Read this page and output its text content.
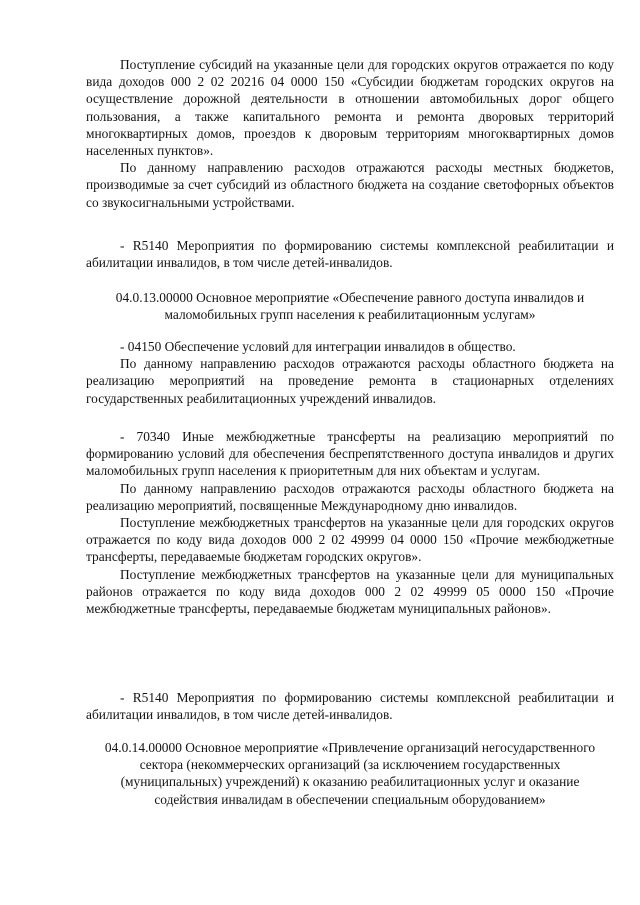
Поступление субсидий на указанные цели для городских округов отражается по коду вида доходов 000 2 02 20216 04 0000 150 «Субсидии бюджетам городских округов на осуществление дорожной деятельности в отношении автомобильных дорог общего пользования, а также капитального ремонта и ремонта дворовых территорий многоквартирных домов, проездов к дворовым территориям многоквартирных домов населенных пунктов».

По данному направлению расходов отражаются расходы местных бюджетов, производимые за счет субсидий из областного бюджета на создание светофорных объектов со звукосигнальными устройствами.

- R5140 Мероприятия по формированию системы комплексной реабилитации и абилитации инвалидов, в том числе детей-инвалидов.

04.0.13.00000 Основное мероприятие «Обеспечение равного доступа инвалидов и маломобильных групп населения к реабилитационным услугам»

- 04150 Обеспечение условий для интеграции инвалидов в общество.

По данному направлению расходов отражаются расходы областного бюджета на реализацию мероприятий на проведение ремонта в стационарных отделениях государственных реабилитационных учреждений инвалидов.

- 70340 Иные межбюджетные трансферты на реализацию мероприятий по формированию условий для обеспечения беспрепятственного доступа инвалидов и других маломобильных групп населения к приоритетным для них объектам и услугам.

По данному направлению расходов отражаются расходы областного бюджета на реализацию мероприятий, посвященные Международному дню инвалидов.

Поступление межбюджетных трансфертов на указанные цели для городских округов отражается по коду вида доходов 000 2 02 49999 04 0000 150 «Прочие межбюджетные трансферты, передаваемые бюджетам городских округов».

Поступление межбюджетных трансфертов на указанные цели для муниципальных районов отражается по коду вида доходов 000 2 02 49999 05 0000 150 «Прочие межбюджетные трансферты, передаваемые бюджетам муниципальных районов».

- R5140 Мероприятия по формированию системы комплексной реабилитации и абилитации инвалидов, в том числе детей-инвалидов.

04.0.14.00000 Основное мероприятие «Привлечение организаций негосударственного сектора (некоммерческих организаций (за исключением государственных (муниципальных) учреждений) к оказанию реабилитационных услуг и оказание содействия инвалидам в обеспечении специальным оборудованием»
